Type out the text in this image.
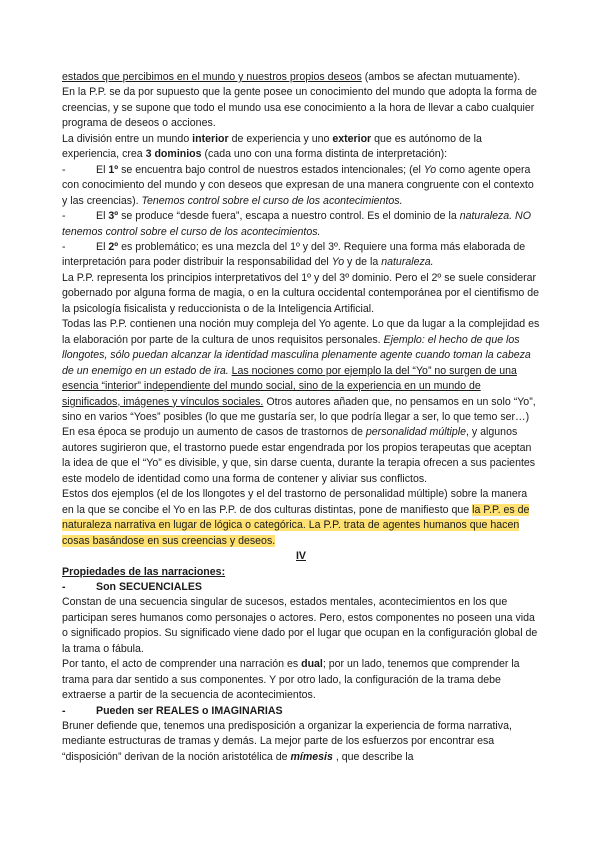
estados que percibimos en el mundo y nuestros propios deseos (ambos se afectan mutuamente).

En la P.P. se da por supuesto que la gente posee un conocimiento del mundo que adopta la forma de creencias, y se supone que todo el mundo usa ese conocimiento a la hora de llevar a cabo cualquier programa de deseos o acciones.

La división entre un mundo interior de experiencia y uno exterior que es autónomo de la experiencia, crea 3 dominios (cada uno con una forma distinta de interpretación):

-	El 1º se encuentra bajo control de nuestros estados intencionales; (el Yo como agente opera con conocimiento del mundo y con deseos que expresan de una manera congruente con el contexto y las creencias). Tenemos control sobre el curso de los acontecimientos.

-	El 3º se produce “desde fuera”, escapa a nuestro control. Es el dominio de la naturaleza. NO tenemos control sobre el curso de los acontecimientos.

-	El 2º es problemático; es una mezcla del 1º y del 3º. Requiere una forma más elaborada de interpretación para poder distribuir la responsabilidad del Yo y de la naturaleza.

La P.P. representa los principios interpretativos del 1º y del 3º dominio. Pero el 2º se suele considerar gobernado por alguna forma de magia, o en la cultura occidental contemporánea por el cientifismo de la psicología fisicalista y reduccionista o de la Inteligencia Artificial.

Todas las P.P. contienen una noción muy compleja del Yo agente. Lo que da lugar a la complejidad es la elaboración por parte de la cultura de unos requisitos personales. Ejemplo: el hecho de que los llongotes, sólo puedan alcanzar la identidad masculina plenamente agente cuando toman la cabeza de un enemigo en un estado de ira. Las nociones como por ejemplo la del “Yo” no surgen de una esencia “interior” independiente del mundo social, sino de la experiencia en un mundo de significados, imágenes y vínculos sociales. Otros autores añaden que, no pensamos en un solo “Yo”, sino en varios “Yoes” posibles (lo que me gustaría ser, lo que podría llegar a ser, lo que temo ser…)

En esa época se produjo un aumento de casos de trastornos de personalidad múltiple, y algunos autores sugirieron que, el trastorno puede estar engendrada por los propios terapeutas que aceptan la idea de que el “Yo” es divisible, y que, sin darse cuenta, durante la terapia ofrecen a sus pacientes este modelo de identidad como una forma de contener y aliviar sus conflictos.

Estos dos ejemplos (el de los llongotes y el del trastorno de personalidad múltiple) sobre la manera en la que se concibe el Yo en las P.P. de dos culturas distintas, pone de manifiesto que la P.P. es de naturaleza narrativa en lugar de lógica o categórica. La P.P. trata de agentes humanos que hacen cosas basándose en sus creencias y deseos.

IV

Propiedades de las narraciones:

-	Son SECUENCIALES

Constan de una secuencia singular de sucesos, estados mentales, acontecimientos en los que participan seres humanos como personajes o actores. Pero, estos componentes no poseen una vida o significado propios. Su significado viene dado por el lugar que ocupan en la configuración global de la trama o fábula.

Por tanto, el acto de comprender una narración es dual; por un lado, tenemos que comprender la trama para dar sentido a sus componentes. Y por otro lado, la configuración de la trama debe extraerse a partir de la secuencia de acontecimientos.

-	Pueden ser REALES o IMAGINARIAS

Bruner defiende que, tenemos una predisposición a organizar la experiencia de forma narrativa, mediante estructuras de tramas y demás. La mejor parte de los esfuerzos por encontrar esa “disposición” derivan de la noción aristotélica de mímesis , que describe la
